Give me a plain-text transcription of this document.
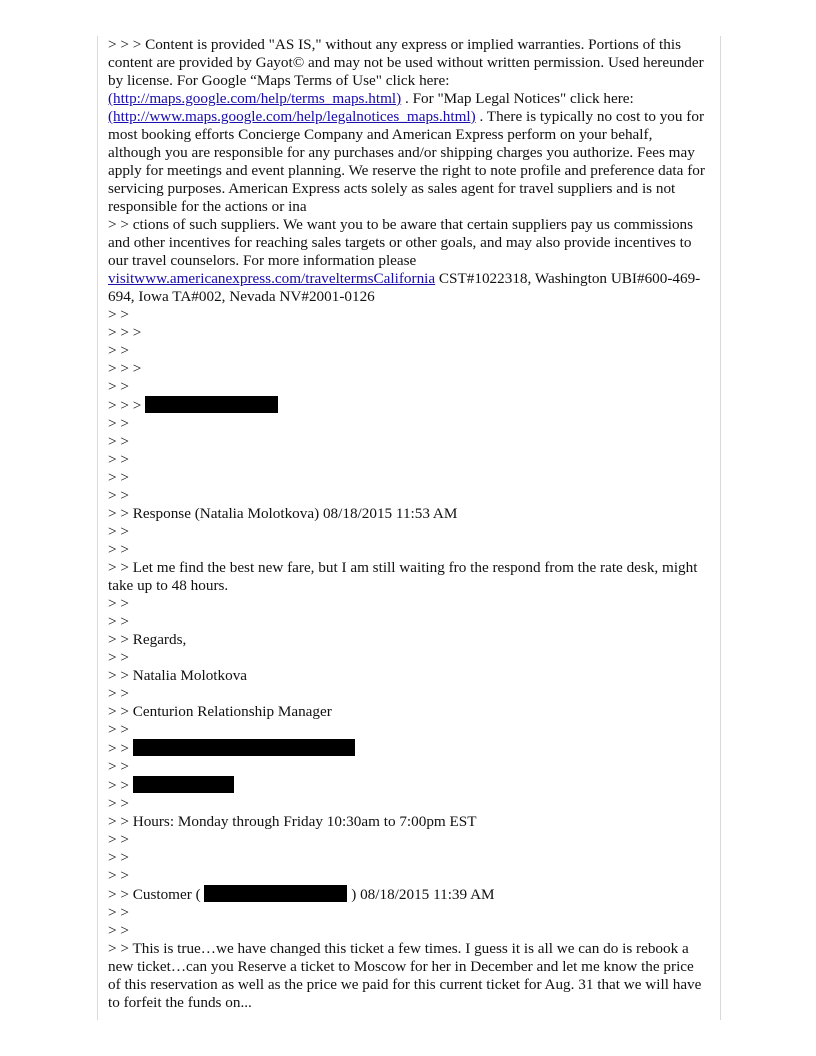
> > > Content is provided "AS IS," without any express or implied warranties. Portions of this content are provided by Gayot© and may not be used without written permission. Used hereunder by license. For Google “Maps Terms of Use" click here: (http://maps.google.com/help/terms_maps.html) . For "Map Legal Notices" click here: (http://www.maps.google.com/help/legalnotices_maps.html) . There is typically no cost to you for most booking efforts Concierge Company and American Express perform on your behalf, although you are responsible for any purchases and/or shipping charges you authorize. Fees may apply for meetings and event planning. We reserve the right to note profile and preference data for servicing purposes. American Express acts solely as sales agent for travel suppliers and is not responsible for the actions or ina
> > ctions of such suppliers. We want you to be aware that certain suppliers pay us commissions and other incentives for reaching sales targets or other goals, and may also provide incentives to our travel counselors. For more information please visitwww.americanexpress.com/traveltermsCalifornia CST#1022318, Washington UBI#600-469-694, Iowa TA#002, Nevada NV#2001-0126
> >
> > >
> >
> > >
> >
> > >
> >
> >
> >
> >
> >
> > Response (Natalia Molotkova) 08/18/2015 11:53 AM
> >
> >
> > Let me find the best new fare, but I am still waiting fro the respond from the rate desk, might take up to 48 hours.
> >
> >
> > Regards,
> >
> > Natalia Molotkova
> >
> > Centurion Relationship Manager
> >
> >
> >
> >
> >
> > Hours: Monday through Friday 10:30am to 7:00pm EST
> >
> >
> >
> > Customer (	) 08/18/2015 11:39 AM
> >
> >
> > This is true…we have changed this ticket a few times. I guess it is all we can do is rebook a new ticket…can you Reserve a ticket to Moscow for her in December and let me know the price of this reservation as well as the price we paid for this current ticket for Aug. 31 that we will have to forfeit the funds on...
